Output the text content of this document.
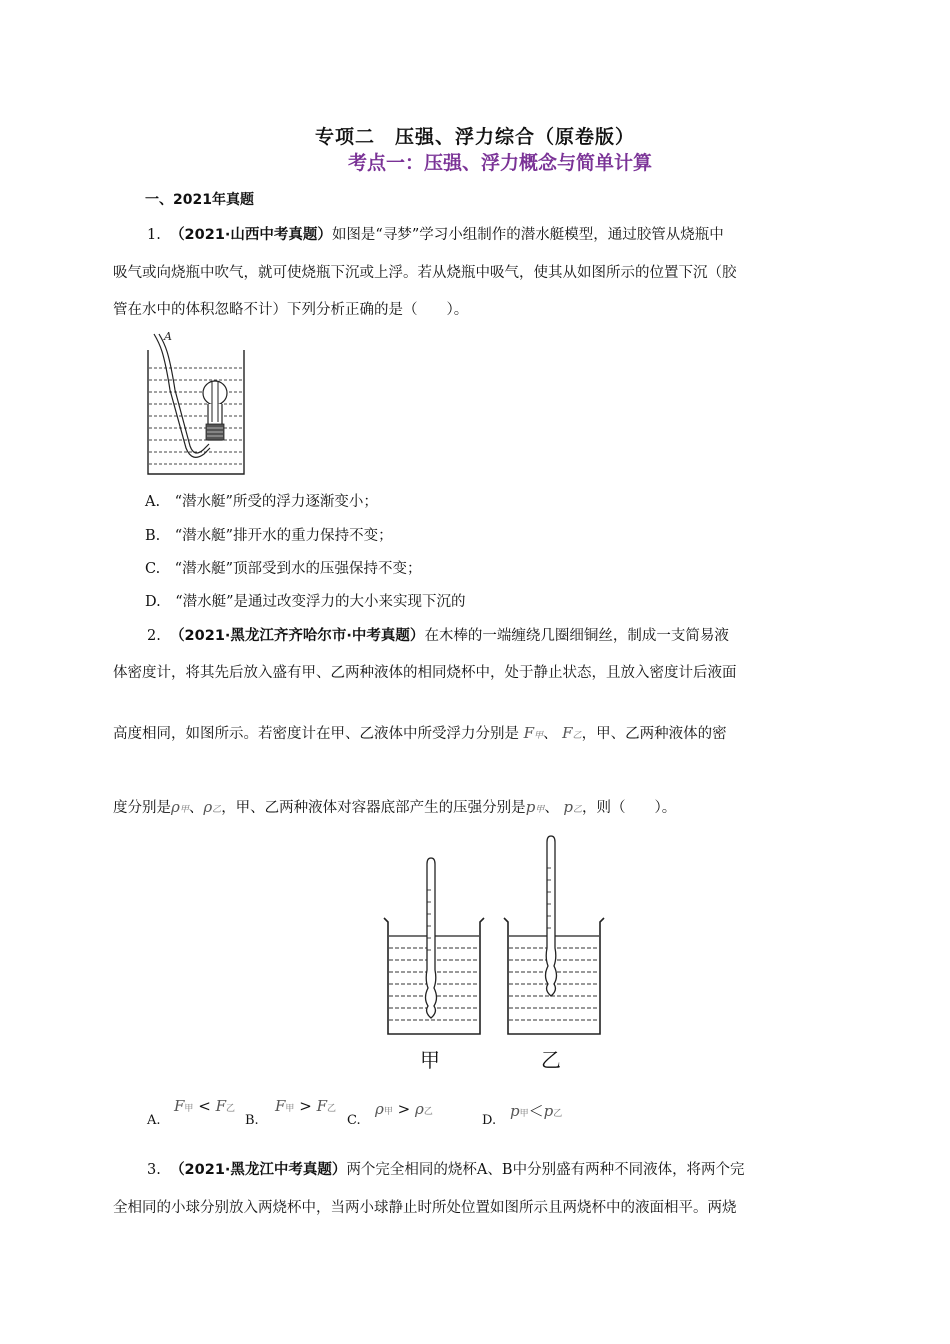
专项二　压强、浮力综合（原卷版）
考点一：压强、浮力概念与简单计算
一、2021年真题
1. （2021·山西中考真题）如图是“寻梦”学习小组制作的潜水艇模型，通过胶管从烧瓶中
吸气或向烧瓶中吹气，就可使烧瓶下沉或上浮。若从烧瓶中吸气，使其从如图所示的位置下沉（胶
管在水中的体积忽略不计）下列分析正确的是（　　）。
A
A.　“潜水艇”所受的浮力逐渐变小；
B.　“潜水艇”排开水的重力保持不变；
C.　“潜水艇”顶部受到水的压强保持不变；
D.　“潜水艇”是通过改变浮力的大小来实现下沉的
2. （2021·黑龙江齐齐哈尔市·中考真题）在木棒的一端缠绕几圈细铜丝，制成一支简易液
体密度计，将其先后放入盛有甲、乙两种液体的相同烧杯中，处于静止状态，且放入密度计后液面
高度相同，如图所示。若密度计在甲、乙液体中所受浮力分别是 F甲、 F乙，甲、乙两种液体的密
度分别是ρ甲、ρ乙，甲、乙两种液体对容器底部产生的压强分别是p甲、 p乙，则（　　）。
甲	乙
A.
F甲 < F乙
B.
F甲 > F乙
C.
ρ甲 > ρ乙
D.
p甲＜p乙
3. （2021·黑龙江中考真题）两个完全相同的烧杯A、B中分别盛有两种不同液体，将两个完
全相同的小球分别放入两烧杯中，当两小球静止时所处位置如图所示且两烧杯中的液面相平。两烧
